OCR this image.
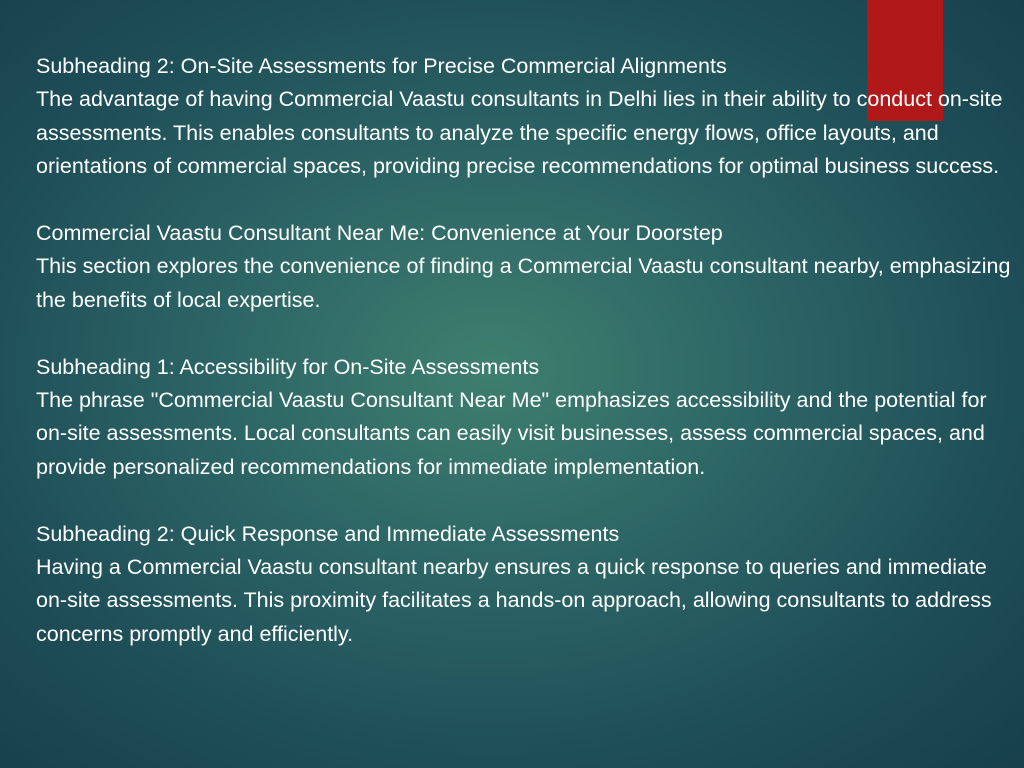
Subheading 2: On-Site Assessments for Precise Commercial Alignments

The advantage of having Commercial Vaastu consultants in Delhi lies in their ability to conduct on-site assessments. This enables consultants to analyze the specific energy flows, office layouts, and orientations of commercial spaces, providing precise recommendations for optimal business success.

Commercial Vaastu Consultant Near Me: Convenience at Your Doorstep

This section explores the convenience of finding a Commercial Vaastu consultant nearby, emphasizing the benefits of local expertise.

Subheading 1: Accessibility for On-Site Assessments

The phrase "Commercial Vaastu Consultant Near Me" emphasizes accessibility and the potential for on-site assessments. Local consultants can easily visit businesses, assess commercial spaces, and provide personalized recommendations for immediate implementation.

Subheading 2: Quick Response and Immediate Assessments

Having a Commercial Vaastu consultant nearby ensures a quick response to queries and immediate on-site assessments. This proximity facilitates a hands-on approach, allowing consultants to address concerns promptly and efficiently.
